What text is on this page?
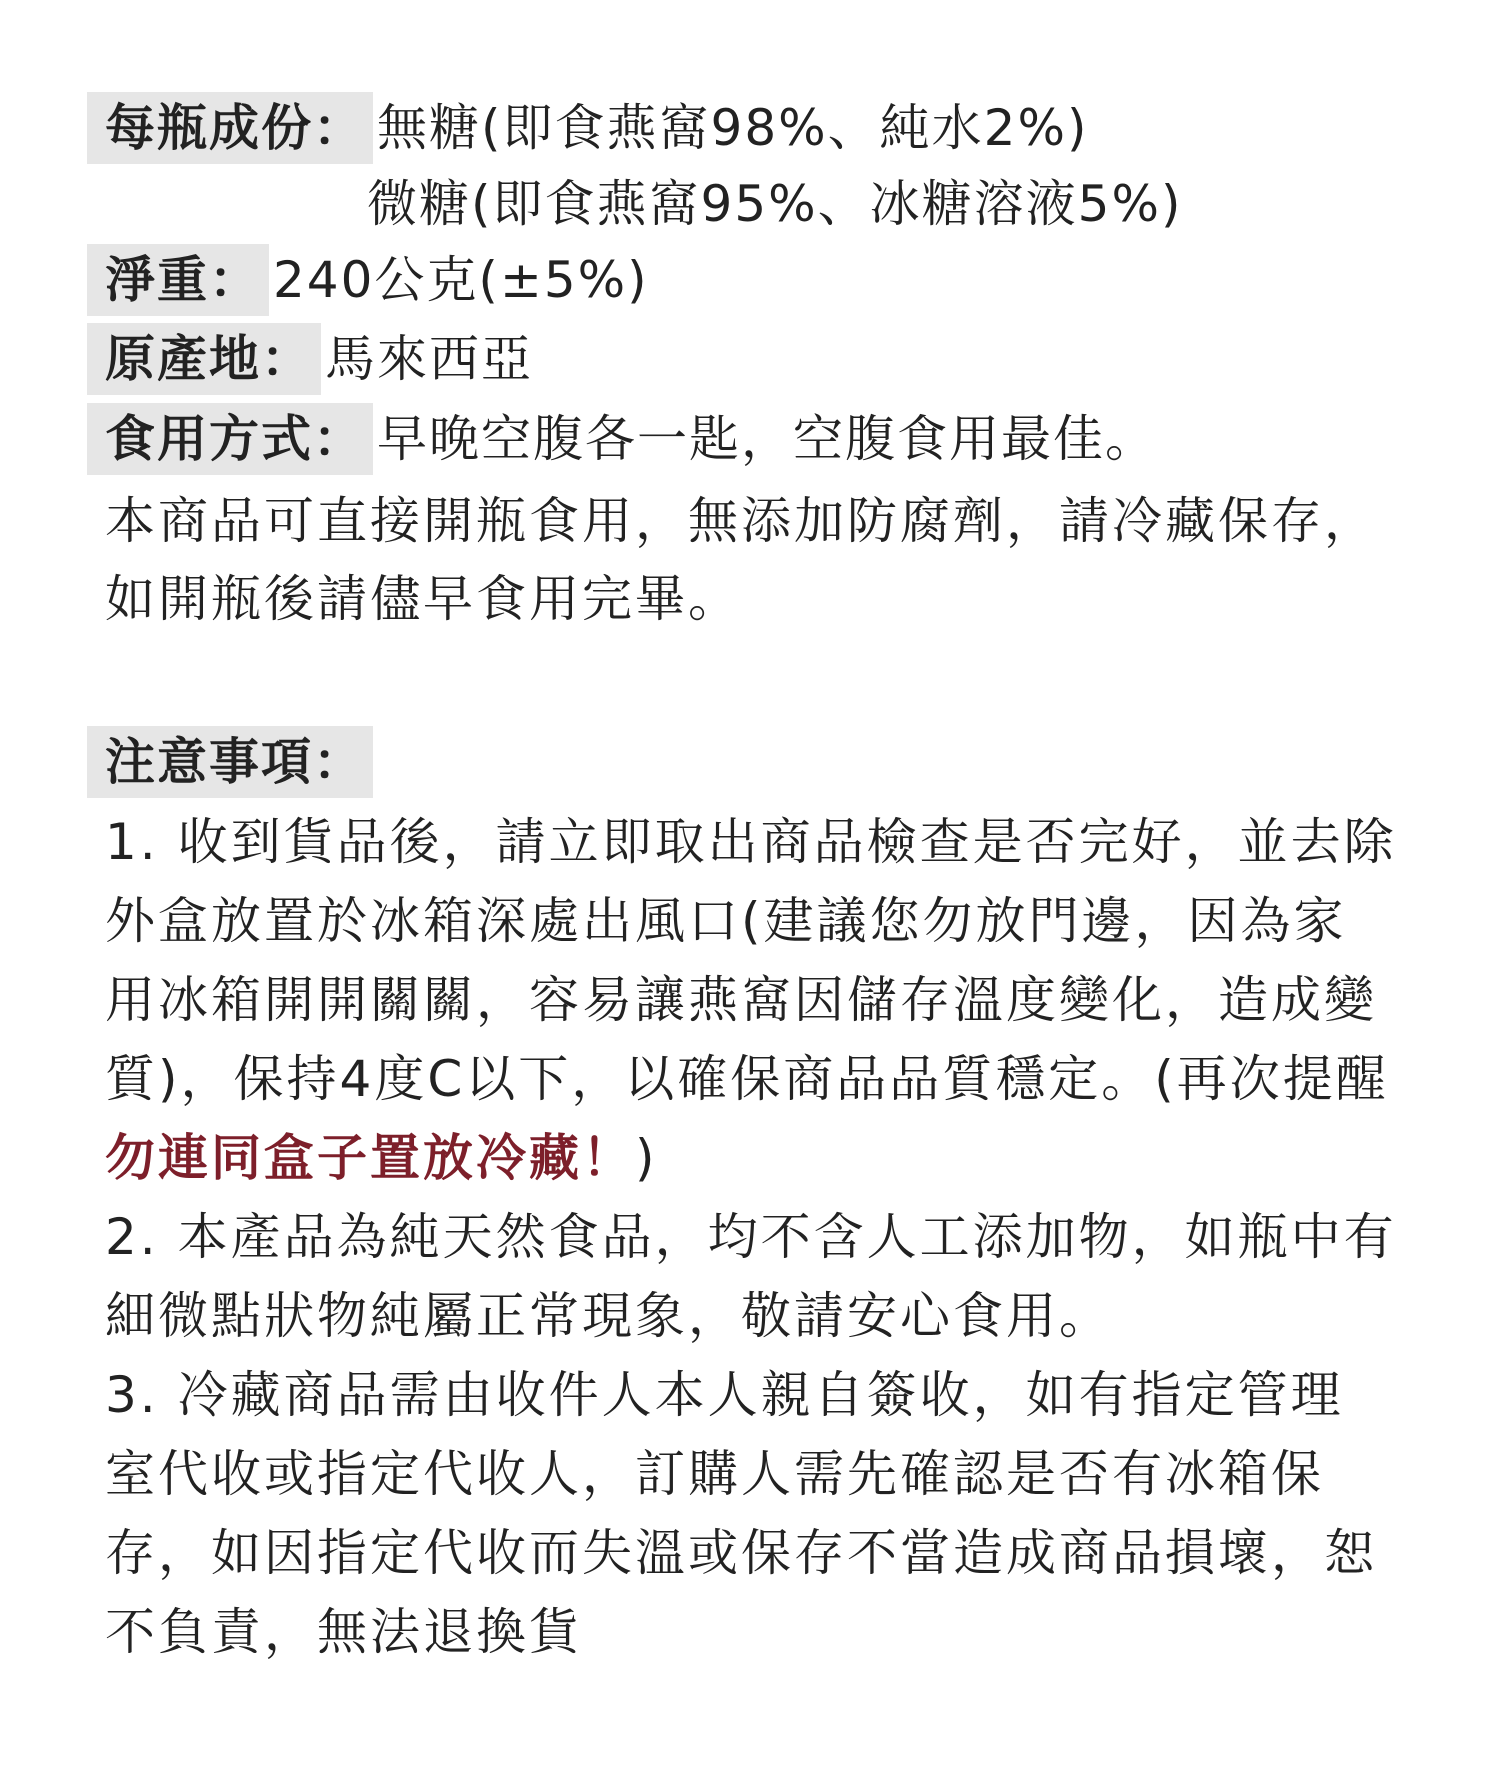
每瓶成份： 無糖(即食燕窩98%、純水2%)
微糖(即食燕窩95%、冰糖溶液5%)
淨重： 240公克(±5%)
原產地： 馬來西亞
食用方式： 早晚空腹各一匙，空腹食用最佳。
本商品可直接開瓶食用，無添加防腐劑，請冷藏保存，
如開瓶後請儘早食用完畢。
注意事項：
1. 收到貨品後，請立即取出商品檢查是否完好，並去除
外盒放置於冰箱深處出風口(建議您勿放門邊，因為家
用冰箱開開關關，容易讓燕窩因儲存溫度變化，造成變
質)，保持4度C以下，以確保商品品質穩定。(再次提醒
勿連同盒子置放冷藏！)
2. 本產品為純天然食品，均不含人工添加物，如瓶中有
細微點狀物純屬正常現象，敬請安心食用。
3. 冷藏商品需由收件人本人親自簽收，如有指定管理
室代收或指定代收人，訂購人需先確認是否有冰箱保
存，如因指定代收而失溫或保存不當造成商品損壞，恕
不負責，無法退換貨
